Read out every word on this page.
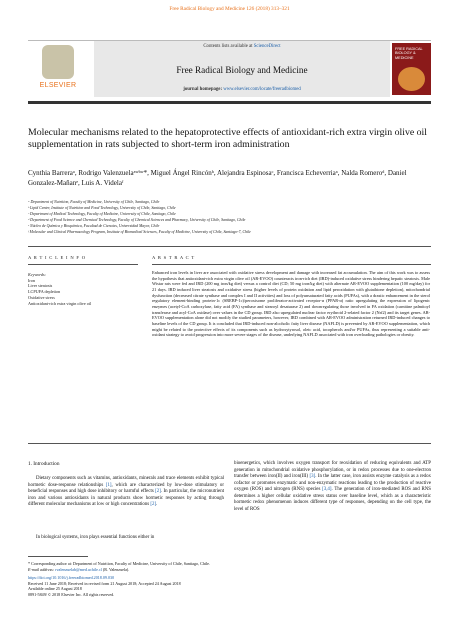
Free Radical Biology and Medicine 126 (2018) 313–321
ELSEVIER
Contents lists available at ScienceDirect
Free Radical Biology and Medicine
journal homepage: www.elsevier.com/locate/freeradbiomed
FREE RADICAL BIOLOGY & MEDICINE
Molecular mechanisms related to the hepatoprotective effects of antioxidant-rich extra virgin olive oil supplementation in rats subjected to short-term iron administration
Cynthia Barreraᵃ, Rodrigo Valenzuelaᵃʷᵇʷ*, Miguel Ángel Rincónᵇ, Alejandra Espinosaᶜ, Francisca Echeverriaᵃ, Nalda Romeroᵈ, Daniel Gonzalez-Mañanᵉ, Luis A. Videlaᶠ
ᵃ Department of Nutrition, Faculty of Medicine, University of Chile, Santiago, Chile
ᵇ Lipid Center, Institute of Nutrition and Food Technology, University of Chile, Santiago, Chile
ᶜ Department of Medical Technology, Faculty of Medicine, University of Chile, Santiago, Chile
ᵈ Department of Food Science and Chemical Technology, Faculty of Chemical Sciences and Pharmacy, University of Chile, Santiago, Chile
ᵉ Núcleo de Química y Bioquímica, Facultad de Ciencias, Universidad Mayor, Chile
ᶠ Molecular and Clinical Pharmacology Program, Institute of Biomedical Sciences, Faculty of Medicine, University of Chile, Santiago-7, Chile
A R T I C L E I N F O
Keywords:
Iron
Liver steatosis
LCPUFA depletion
Oxidative stress
Antioxidant-rich extra virgin olive oil
A B S T R A C T
Enhanced iron levels in liver are associated with oxidative stress development and damage with increased fat accumulation. The aim of this work was to assess the hypothesis that antioxidant-rich extra virgin olive oil (AR-EVOO) counteracts iron-rich diet (IRD)-induced oxidative stress hindering hepatic steatosis. Male Wistar rats were fed and IRD (200 mg iron/kg diet) versus a control diet (CD; 50 mg iron/kg diet) with alternate AR-EVOO supplementation (100 mg/day) for 21 days. IRD induced liver steatosis and oxidative stress (higher levels of protein oxidation and lipid peroxidation with glutathione depletion), mitochondrial dysfunction (decreased citrate synthase and complex I and II activities) and loss of polyunsaturated fatty acids (PUFAs), with a drastic enhancement in the sterol regulatory element-binding protein-1c (SREBP-1c)/peroxisome proliferator-activated receptor-α (PPAR-α) ratio upregulating the expression of lipogenic enzymes (acetyl-CoA carboxylase, fatty acid (FA) synthase and stearoyl desaturase 2) and downregulating those involved in FA oxidation (carnitine palmitoyl transferase and acyl-CoA oxidase) over values in the CD group. IRD also upregulated nuclear factor erythroid 2-related factor 2 (Nrf2) and its target genes. AR-EVOO supplementation alone did not modify the studied parameters, however, IRD combined with AR-EVOO administration returned IRD-induced changes to baseline levels of the CD group. It is concluded that IRD-induced non-alcoholic fatty liver disease (NAFLD) is prevented by AR-EVOO supplementation, which might be related to the protective effects of its components such as hydroxytyrosol, oleic acid, tocopherols and/or PUFAs, thus representing a suitable anti-oxidant strategy to avoid progression into more severe stages of the disease, underlying NAFLD associated with iron overloading pathologies or obesity.
1. Introduction
Dietary components such as vitamins, antioxidants, minerals and trace elements exhibit typical hormetic dose-response relationships [1], which are characterized by low-dose stimulatory or beneficial responses and high dose inhibitory or harmful effects [2]. In particular, the micronutrient iron and various antioxidants in natural products show hormetic responses by acting through different molecular mechanisms at low or high concentrations [2].
In biological systems, iron plays essential functions either in
bioenergetics, which involves oxygen transport for reoxidation of reducing equivalents and ATP generation in mitochondrial oxidative phosphorylation, or in redox processes due to one-electron transfer between iron(II) and iron(III) [3]. In the latter case, iron assists enzyme catalysis as a redox cofactor or promotes enzymatic and non-enzymatic reactions leading to the production of reactive oxygen (ROS) and nitrogen (RNS) species [3,4]. The generation of iron-mediated ROS and RNS determines a higher cellular oxidative stress status over baseline level, which as a characteristic hormetic redox phenomenon induces different type of responses, depending on the cell type, the level of ROS
* Corresponding author at: Department of Nutrition, Faculty of Medicine, University of Chile, Santiago, Chile.
E-mail address: rvalenzuelab@med.uchile.cl (R. Valenzuela).
https://doi.org/10.1016/j.freeradbiomed.2018.09.030
Received 11 June 2018; Received in revised form 21 August 2018; Accepted 24 August 2018
Available online 25 August 2018
0891-5849/ © 2018 Elsevier Inc. All rights reserved.
